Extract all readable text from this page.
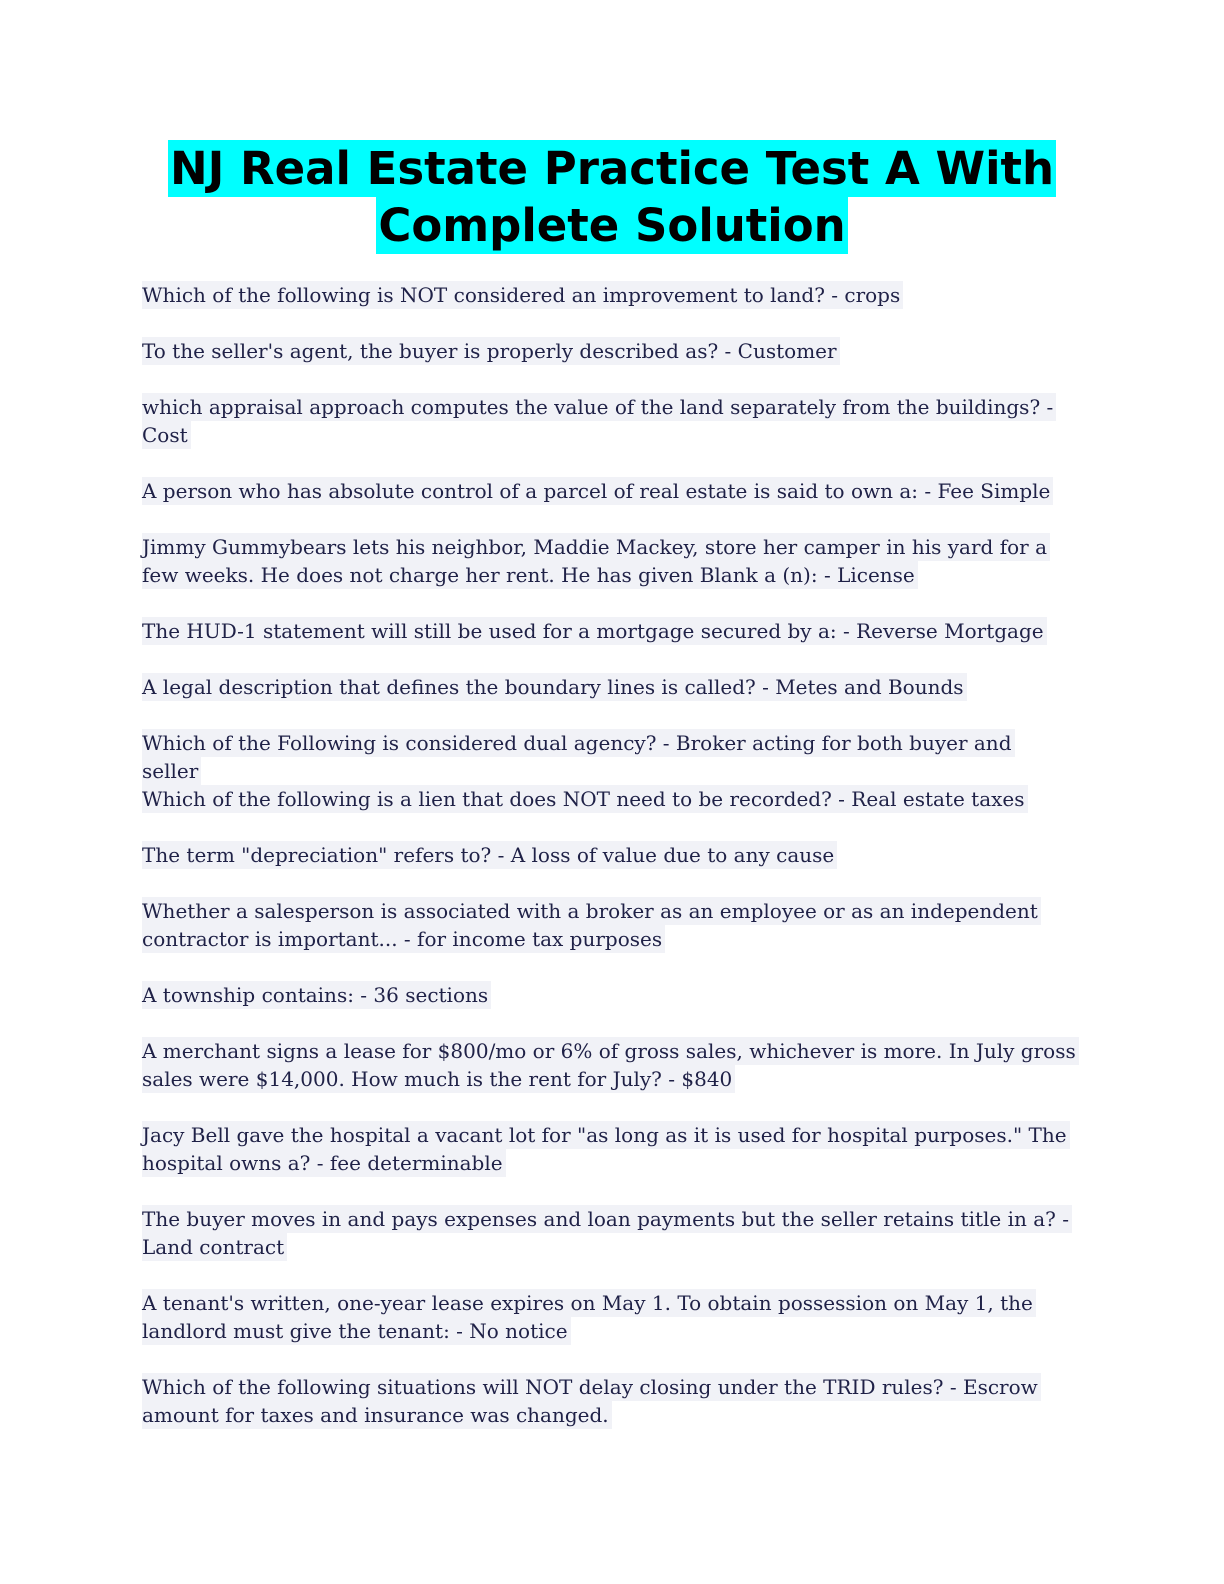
NJ Real Estate Practice Test A With
Complete Solution

Which of the following is NOT considered an improvement to land? - crops

To the seller's agent, the buyer is properly described as? - Customer

which appraisal approach computes the value of the land separately from the buildings? - Cost

A person who has absolute control of a parcel of real estate is said to own a: - Fee Simple

Jimmy Gummybears lets his neighbor, Maddie Mackey, store her camper in his yard for a few weeks. He does not charge her rent. He has given Blank a (n): - License

The HUD-1 statement will still be used for a mortgage secured by a: - Reverse Mortgage

A legal description that defines the boundary lines is called? - Metes and Bounds

Which of the Following is considered dual agency? - Broker acting for both buyer and seller

Which of the following is a lien that does NOT need to be recorded? - Real estate taxes

The term "depreciation" refers to? - A loss of value due to any cause

Whether a salesperson is associated with a broker as an employee or as an independent contractor is important... - for income tax purposes

A township contains: - 36 sections

A merchant signs a lease for $800/mo or 6% of gross sales, whichever is more. In July gross sales were $14,000. How much is the rent for July? - $840

Jacy Bell gave the hospital a vacant lot for "as long as it is used for hospital purposes." The hospital owns a? - fee determinable

The buyer moves in and pays expenses and loan payments but the seller retains title in a? - Land contract

A tenant's written, one-year lease expires on May 1. To obtain possession on May 1, the landlord must give the tenant: - No notice

Which of the following situations will NOT delay closing under the TRID rules? - Escrow amount for taxes and insurance was changed.
